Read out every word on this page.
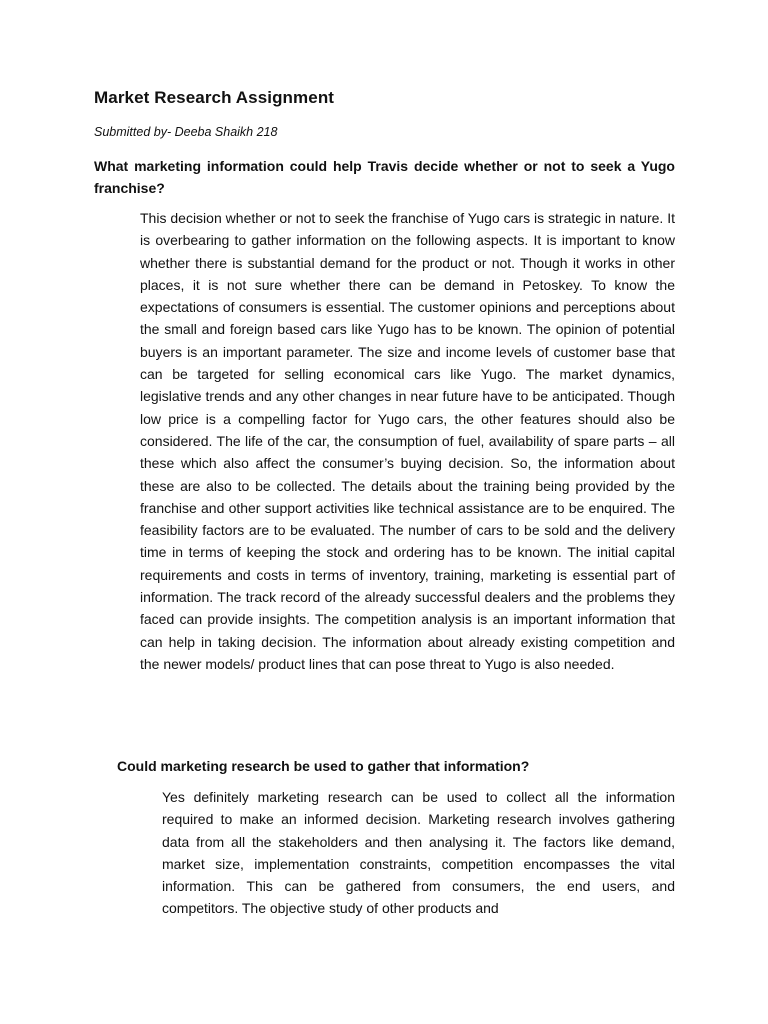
Market Research Assignment
Submitted by- Deeba Shaikh 218
What marketing information could help Travis decide whether or not to seek a Yugo franchise?
This decision whether or not to seek the franchise of Yugo cars is strategic in nature. It is overbearing to gather information on the following aspects. It is important to know whether there is substantial demand for the product or not. Though it works in other places, it is not sure whether there can be demand in Petoskey. To know the expectations of consumers is essential. The customer opinions and perceptions about the small and foreign based cars like Yugo has to be known. The opinion of potential buyers is an important parameter. The size and income levels of customer base that can be targeted for selling economical cars like Yugo. The market dynamics, legislative trends and any other changes in near future have to be anticipated. Though low price is a compelling factor for Yugo cars, the other features should also be considered. The life of the car, the consumption of fuel, availability of spare parts – all these which also affect the consumer’s buying decision. So, the information about these are also to be collected. The details about the training being provided by the franchise and other support activities like technical assistance are to be enquired. The feasibility factors are to be evaluated. The number of cars to be sold and the delivery time in terms of keeping the stock and ordering has to be known. The initial capital requirements and costs in terms of inventory, training, marketing is essential part of information. The track record of the already successful dealers and the problems they faced can provide insights. The competition analysis is an important information that can help in taking decision. The information about already existing competition and the newer models/ product lines that can pose threat to Yugo is also needed.
Could marketing research be used to gather that information?
Yes definitely marketing research can be used to collect all the information required to make an informed decision. Marketing research involves gathering data from all the stakeholders and then analysing it. The factors like demand, market size, implementation constraints, competition encompasses the vital information. This can be gathered from consumers, the end users, and competitors. The objective study of other products and
